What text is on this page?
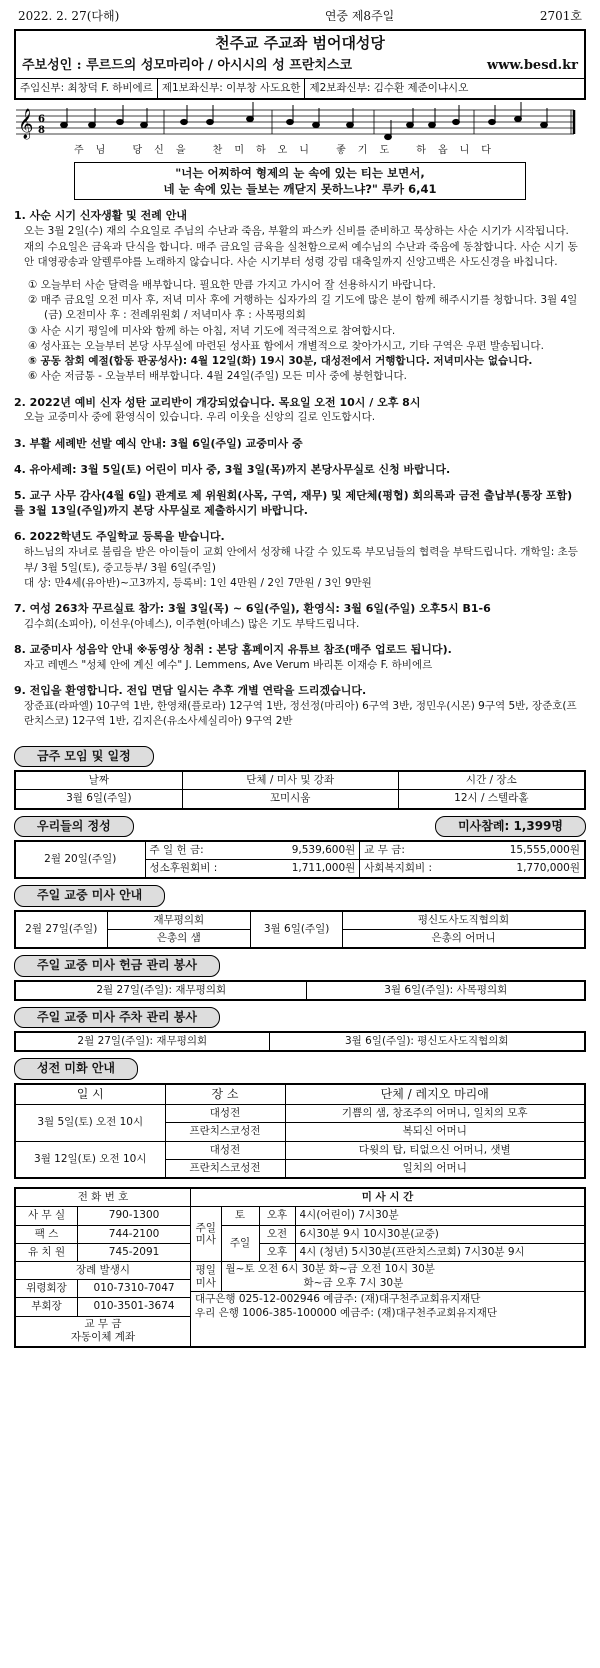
2022. 2. 27(다해)	연중 제8주일	2701호
천주교 주교좌 범어대성당
주보성인 : 루르드의 성모마리아 / 아시시의 성 프란치스코	www.besd.kr
주임신부: 최창덕 F. 하비에르 제1보좌신부: 이부창 사도요한 제2보좌신부: 김수환 제준이냐시오
𝄞 6
8
주님 당신을 찬미하오니 좋기도 하옵니다
"너는 어찌하여 형제의 눈 속에 있는 티는 보면서,
네 눈 속에 있는 들보는 깨닫지 못하느냐?" 루카 6,41
1. 사순 시기 신자생활 및 전례 안내

오는 3월 2일(수) 재의 수요일로 주님의 수난과 죽음, 부활의 파스카 신비를 준비하고 묵상하는 사순 시기가 시작됩니다. 재의 수요일은 금육과 단식을 합니다. 매주 금요일 금육을 실천함으로써 예수님의 수난과 죽음에 동참합니다. 사순 시기 동안 대영광송과 알렐루야를 노래하지 않습니다. 사순 시기부터 성령 강림 대축일까지 신앙고백은 사도신경을 바칩니다.

① 오늘부터 사순 달력을 배부합니다. 필요한 만큼 가지고 가시어 잘 선용하시기 바랍니다.
② 매주 금요일 오전 미사 후, 저녁 미사 후에 거행하는 십자가의 길 기도에 많은 분이 함께 해주시기를 청합니다. 3월 4일(금) 오전미사 후 : 전례위원회 / 저녁미사 후 : 사목평의회
③ 사순 시기 평일에 미사와 함께 하는 아침, 저녁 기도에 적극적으로 참여합시다.
④ 성사표는 오늘부터 본당 사무실에 마련된 성사표 함에서 개별적으로 찾아가시고, 기타 구역은 우편 발송됩니다.
⑤ 공동 참회 예절(합동 판공성사): 4월 12일(화) 19시 30분, 대성전에서 거행합니다. 저녁미사는 없습니다.
⑥ 사순 저금통 - 오늘부터 배부합니다. 4월 24일(주일) 모든 미사 중에 봉헌합니다.
2. 2022년 예비 신자 성탄 교리반이 개강되었습니다. 목요일 오전 10시 / 오후 8시

오늘 교중미사 중에 환영식이 있습니다. 우리 이웃을 신앙의 길로 인도합시다.

3. 부활 세례반 선발 예식 안내: 3월 6일(주일) 교중미사 중
4. 유아세례: 3월 5일(토) 어린이 미사 중, 3월 3일(목)까지 본당사무실로 신청 바랍니다.
5. 교구 사무 감사(4월 6일) 관계로 제 위원회(사목, 구역, 재무) 및 제단체(평협) 회의록과 금전 출납부(통장 포함)를 3월 13일(주일)까지 본당 사무실로 제출하시기 바랍니다.
6. 2022학년도 주일학교 등록을 받습니다.

하느님의 자녀로 불림을 받은 아이들이 교회 안에서 성장해 나갈 수 있도록 부모님들의 협력을 부탁드립니다. 개학일: 초등부/ 3월 5일(토), 중고등부/ 3월 6일(주일)

대 상: 만4세(유아반)~고3까지, 등록비: 1인 4만원 / 2인 7만원 / 3인 9만원

7. 여성 263차 꾸르실료 참가: 3월 3일(목) ~ 6일(주일), 환영식: 3월 6일(주일) 오후5시 B1-6

김수희(소피아), 이선우(아녜스), 이주현(아녜스) 많은 기도 부탁드립니다.

8. 교중미사 성음악 안내 ※동영상 청취 : 본당 홈페이지 유튜브 참조(매주 업로드 됩니다).

자고 레멘스 "성체 안에 계신 예수" J. Lemmens, Ave Verum 바리톤 이재승 F. 하비에르

9. 전입을 환영합니다. 전입 면담 일시는 추후 개별 연락을 드리겠습니다.

장준표(라파엘) 10구역 1반, 한영채(플로라) 12구역 1반, 정선정(마리아) 6구역 3반, 정민우(시몬) 9구역 5반, 장준호(프란치스코) 12구역 1반, 김지은(유소사세실리아) 9구역 2반

금주 모임 및 일정
날짜	단체 / 미사 및 강좌	시간 / 장소
3월 6일(주일)	꼬미시움	12시 / 스텔라홀
우리들의 정성	미사참례: 1,399명
2월 20일(주일)	주 일 헌 금:	9,539,600원	교 무 금:	15,555,000원
	성소후원회비 :	1,711,000원	사회복지회비 :	1,770,000원
주일 교중 미사 안내
2월 27일(주일)	재무평의회	3월 6일(주일)	평신도사도직협의회
	은총의 샘		은총의 어머니
주일 교중 미사 헌금 관리 봉사
2월 27일(주일): 재무평의회	3월 6일(주일): 사목평의회
주일 교중 미사 주차 관리 봉사
2월 27일(주일): 재무평의회	3월 6일(주일): 평신도사도직협의회
성전 미화 안내
일 시	장 소	단체 / 레지오 마리애
3월 5일(토) 오전 10시	대성전	기쁨의 샘, 창조주의 어머니, 일치의 모후
	프란치스코성전	복되신 어머니
3월 12일(토) 오전 10시	대성전	다윗의 탑, 티없으신 어머니, 샛별
	프란치스코성전	일치의 어머니
전 화 번 호	
사 무 실	790-1300
팩 스	744-2100
유 치 원	745-2091
장례 발생시	
위령회장	010-7310-7047
부회장	010-3501-3674

교 무 금
자동이체 계좌	
미 사 시 간			
주일 미사	토	오후	4시(어린이) 7시30분
	주일	오전	6시30분 9시 10시30분(교중)
		오후	4시 (청년) 5시30분(프란치스코회) 7시30분 9시
평일 미사	월~토 오전 6시 30분 화~금 오전 10시 30분
화~금 오후 7시 30분		

대구은행 025-12-002946 예금주: (재)대구천주교회유지재단
우리 은행 1006-385-100000 예금주: (재)대구천주교회유지재단			
